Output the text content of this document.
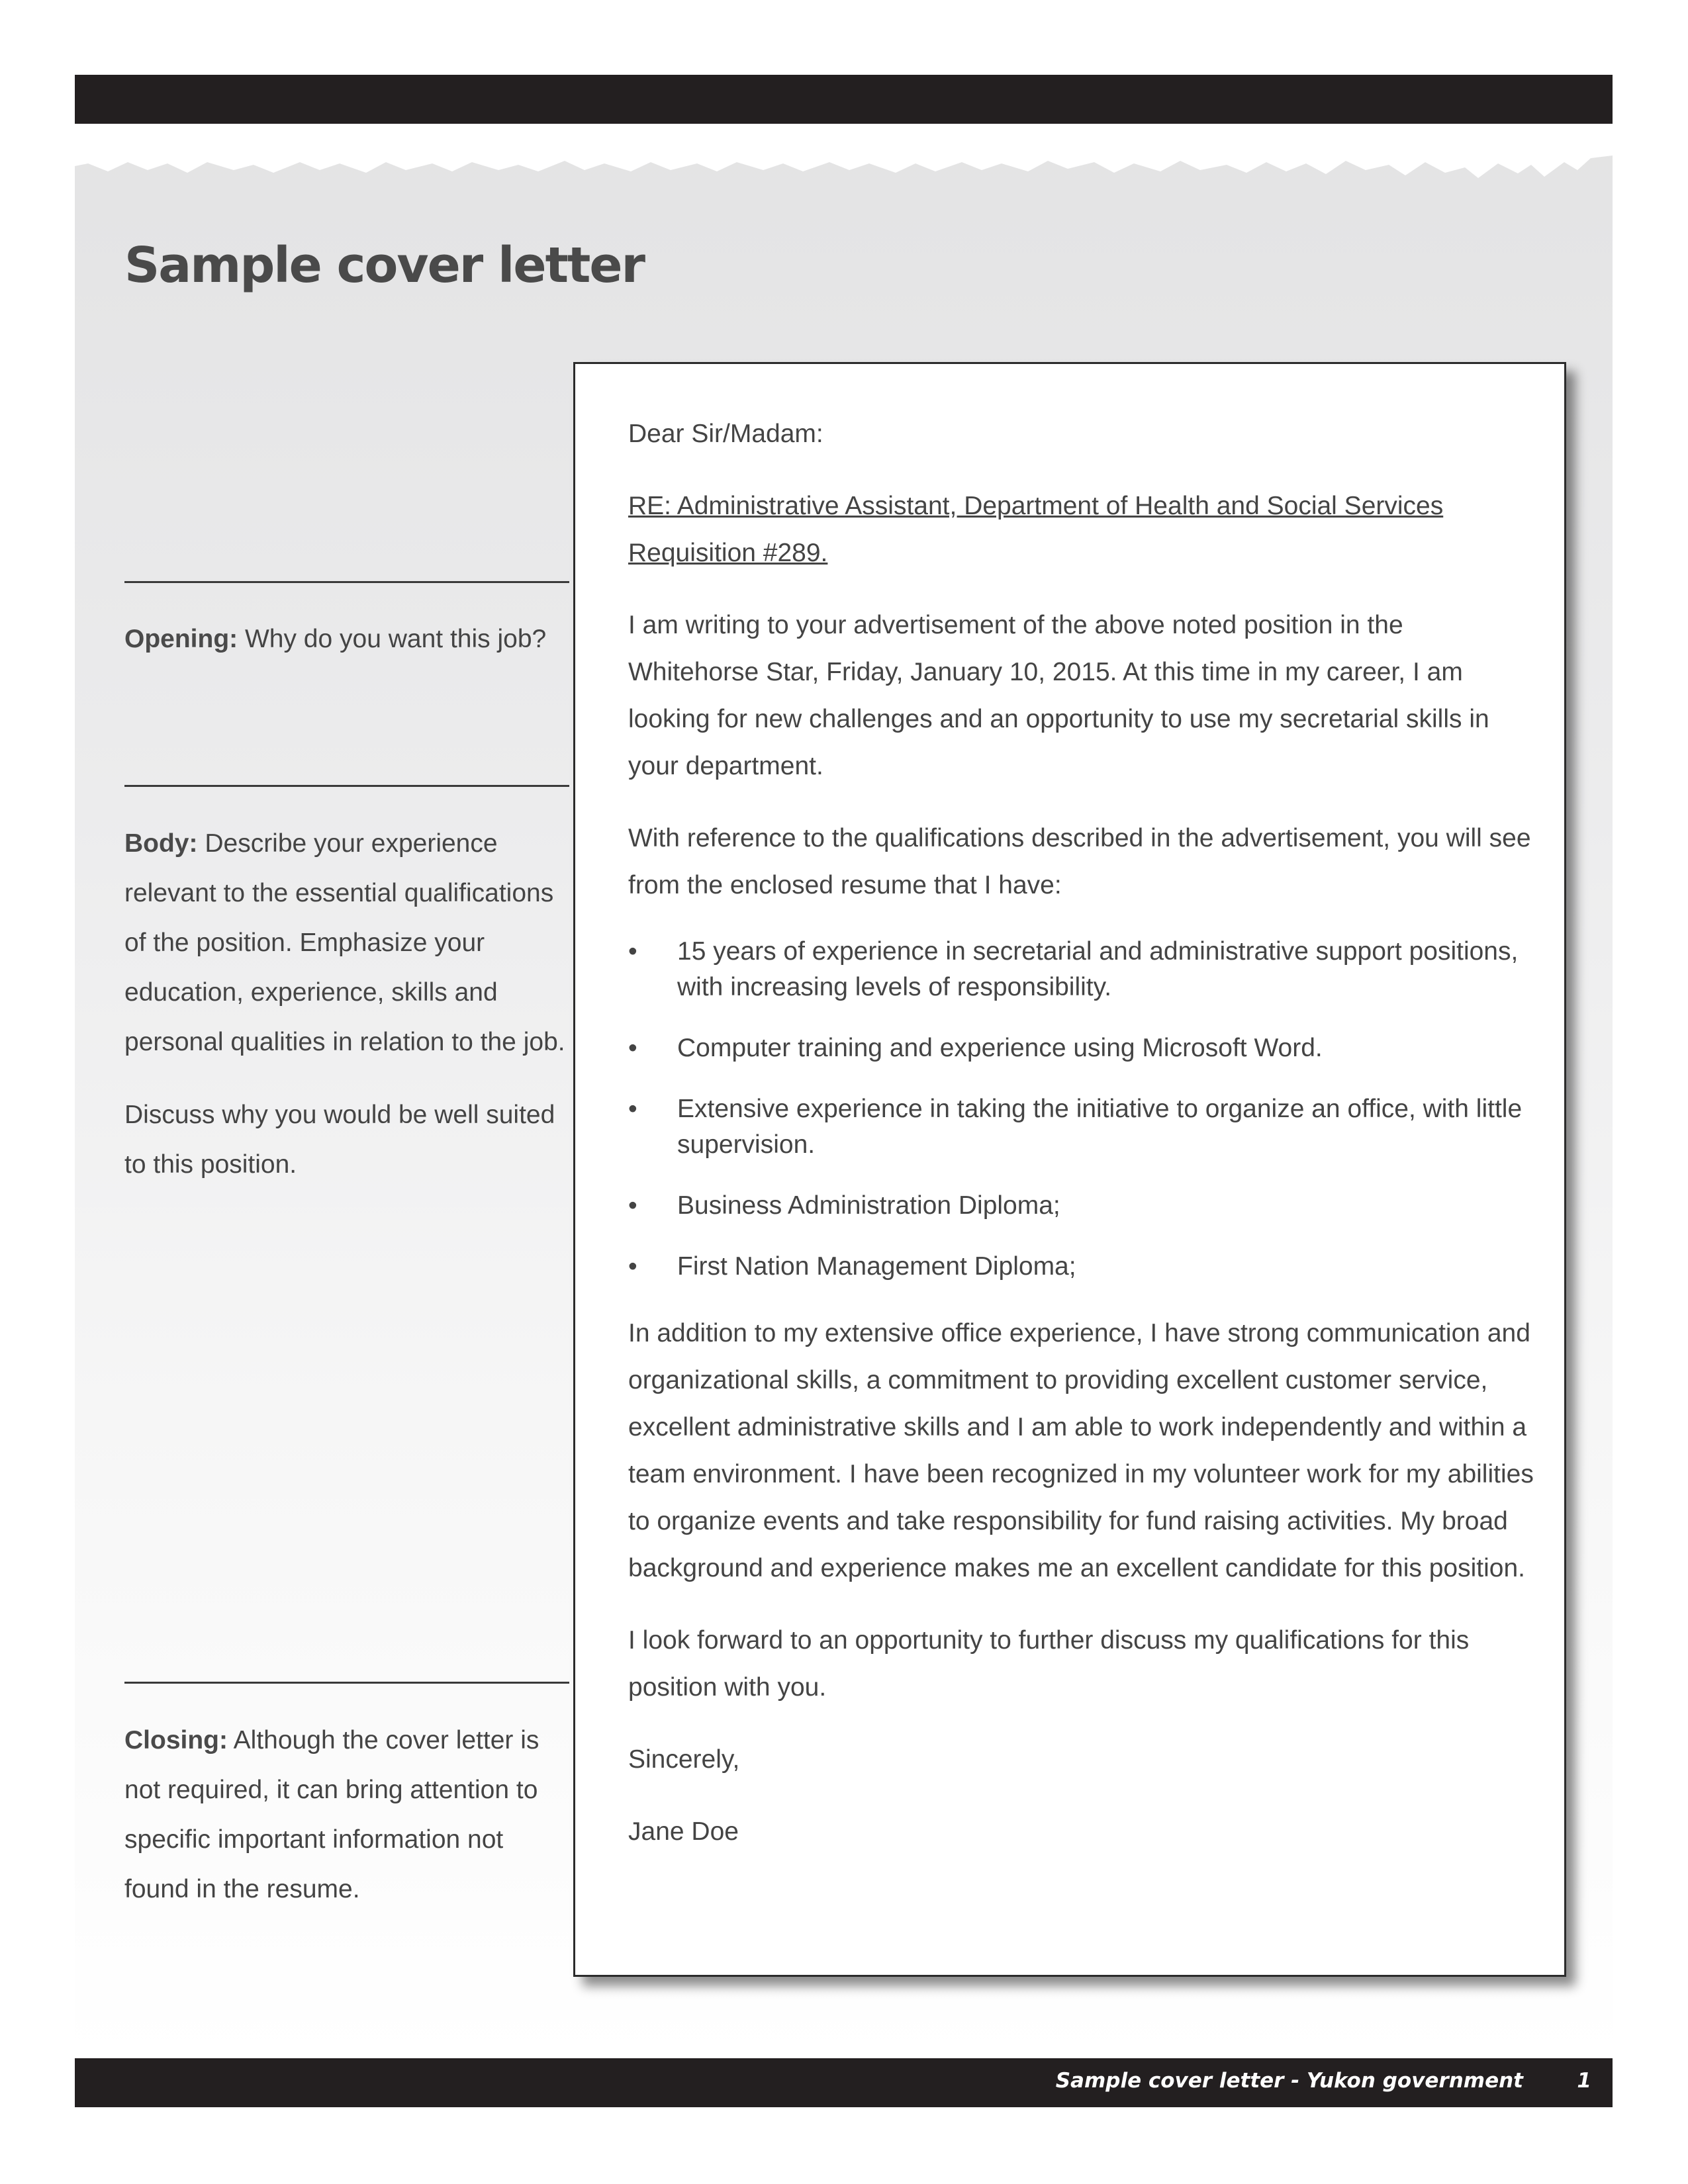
Sample cover letter

Opening: Why do you want this job?

Body: Describe your experience relevant to the essential qualifications of the position. Emphasize your education, experience, skills and personal qualities in relation to the job.

Discuss why you would be well suited to this position.

Closing: Although the cover letter is not required, it can bring attention to specific important information not found in the resume.

Dear Sir/Madam:

RE: Administrative Assistant, Department of Health and Social Services
Requisition #289.

I am writing to your advertisement of the above noted position in the Whitehorse Star, Friday, January 10, 2015. At this time in my career, I am looking for new challenges and an opportunity to use my secretarial skills in your department.

With reference to the qualifications described in the advertisement, you will see from the enclosed resume that I have:

• 15 years of experience in secretarial and administrative support positions, with increasing levels of responsibility.
• Computer training and experience using Microsoft Word.
• Extensive experience in taking the initiative to organize an office, with little supervision.
• Business Administration Diploma;
• First Nation Management Diploma;

In addition to my extensive office experience, I have strong communication and organizational skills, a commitment to providing excellent customer service, excellent administrative skills and I am able to work independently and within a team environment. I have been recognized in my volunteer work for my abilities to organize events and take responsibility for fund raising activities. My broad background and experience makes me an excellent candidate for this position.

I look forward to an opportunity to further discuss my qualifications for this position with you.

Sincerely,

Jane Doe

Sample cover letter - Yukon government	1
